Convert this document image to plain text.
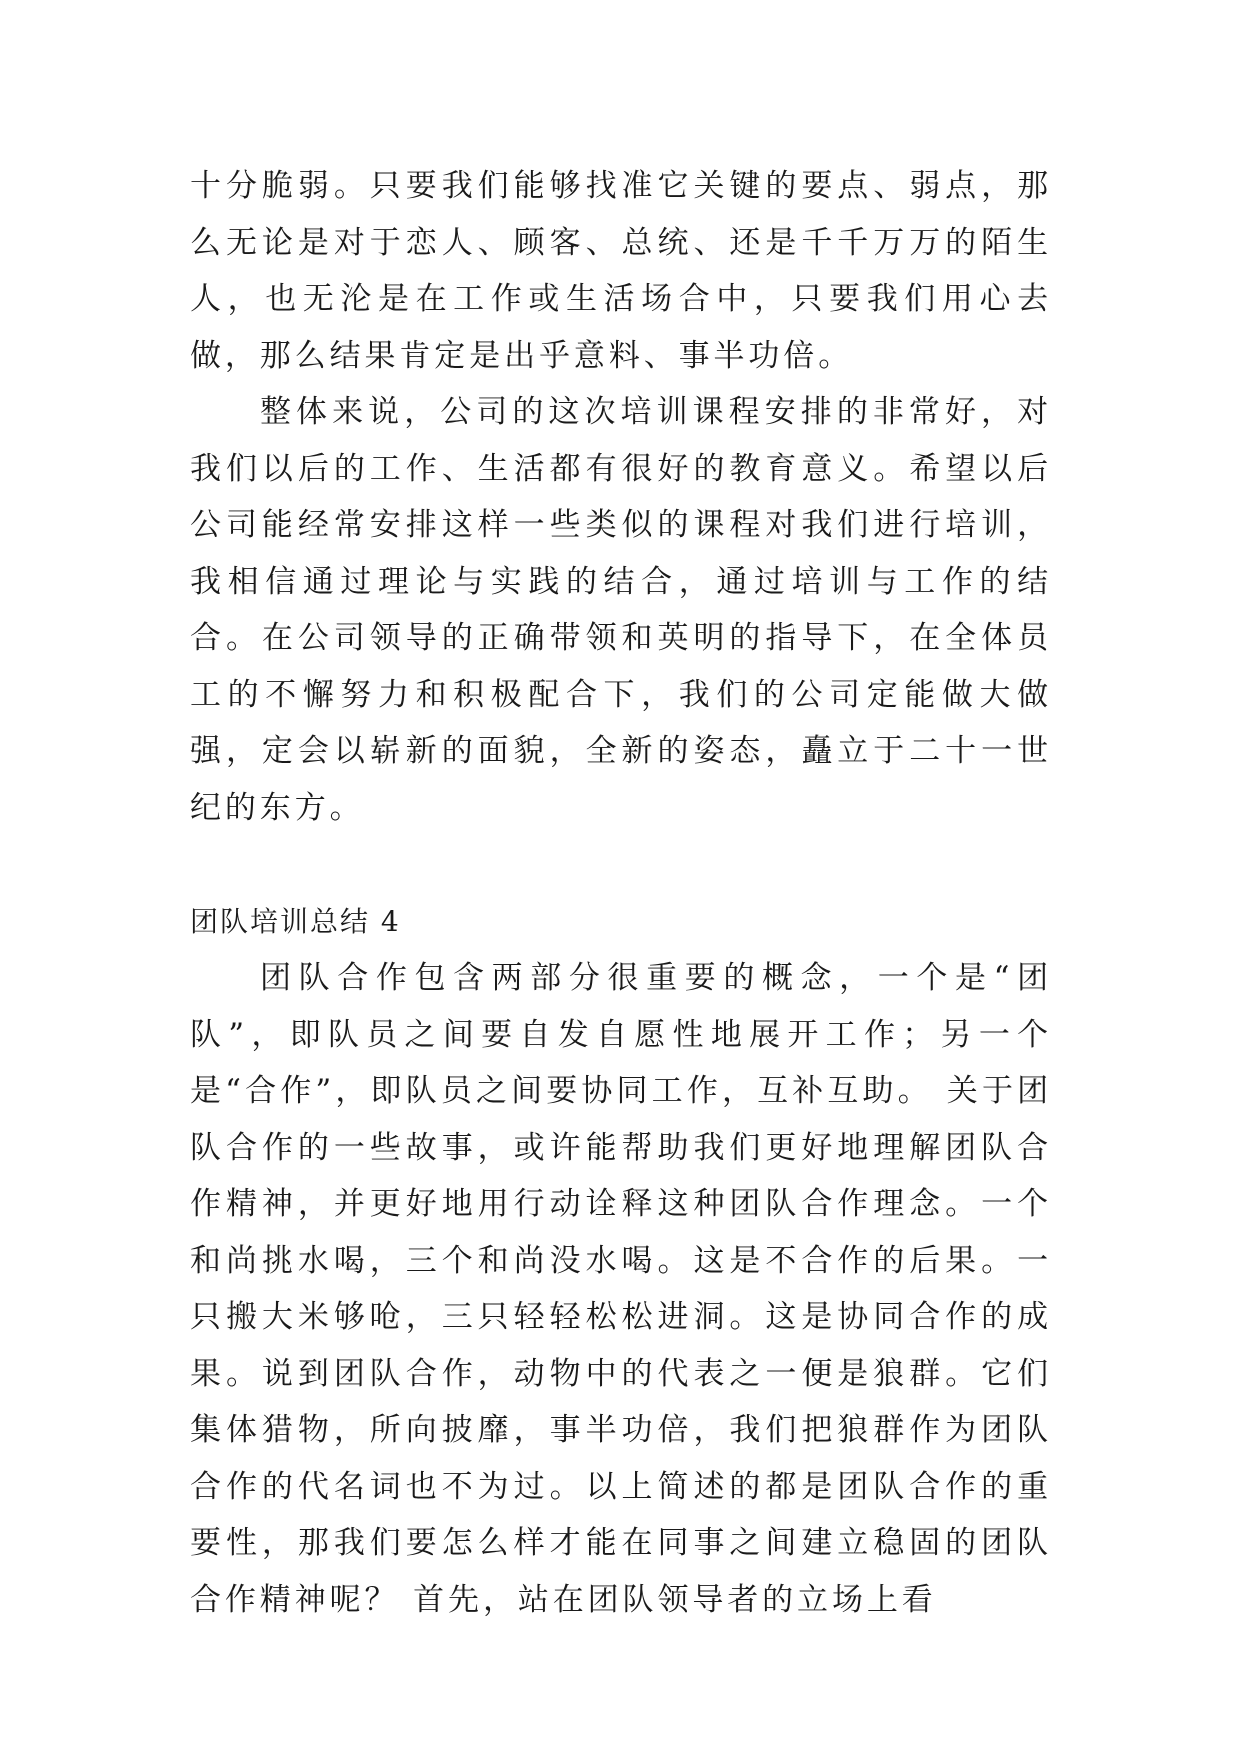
十分脆弱。只要我们能够找准它关键的要点、弱点，那么无论是对于恋人、顾客、总统、还是千千万万的陌生人，也无沦是在工作或生活场合中，只要我们用心去做，那么结果肯定是出乎意料、事半功倍。

整体来说，公司的这次培训课程安排的非常好，对我们以后的工作、生活都有很好的教育意义。希望以后公司能经常安排这样一些类似的课程对我们进行培训，我相信通过理论与实践的结合，通过培训与工作的结合。在公司领导的正确带领和英明的指导下，在全体员工的不懈努力和积极配合下，我们的公司定能做大做强，定会以崭新的面貌，全新的姿态，矗立于二十一世纪的东方。

团队培训总结 4

团队合作包含两部分很重要的概念，一个是“团队”，即队员之间要自发自愿性地展开工作；另一个是“合作”，即队员之间要协同工作，互补互助。 关于团队合作的一些故事，或许能帮助我们更好地理解团队合作精神，并更好地用行动诠释这种团队合作理念。一个和尚挑水喝，三个和尚没水喝。这是不合作的后果。一只搬大米够呛，三只轻轻松松进洞。这是协同合作的成果。说到团队合作，动物中的代表之一便是狼群。它们集体猎物，所向披靡，事半功倍，我们把狼群作为团队合作的代名词也不为过。以上简述的都是团队合作的重要性，那我们要怎么样才能在同事之间建立稳固的团队合作精神呢？ 首先，站在团队领导者的立场上看
